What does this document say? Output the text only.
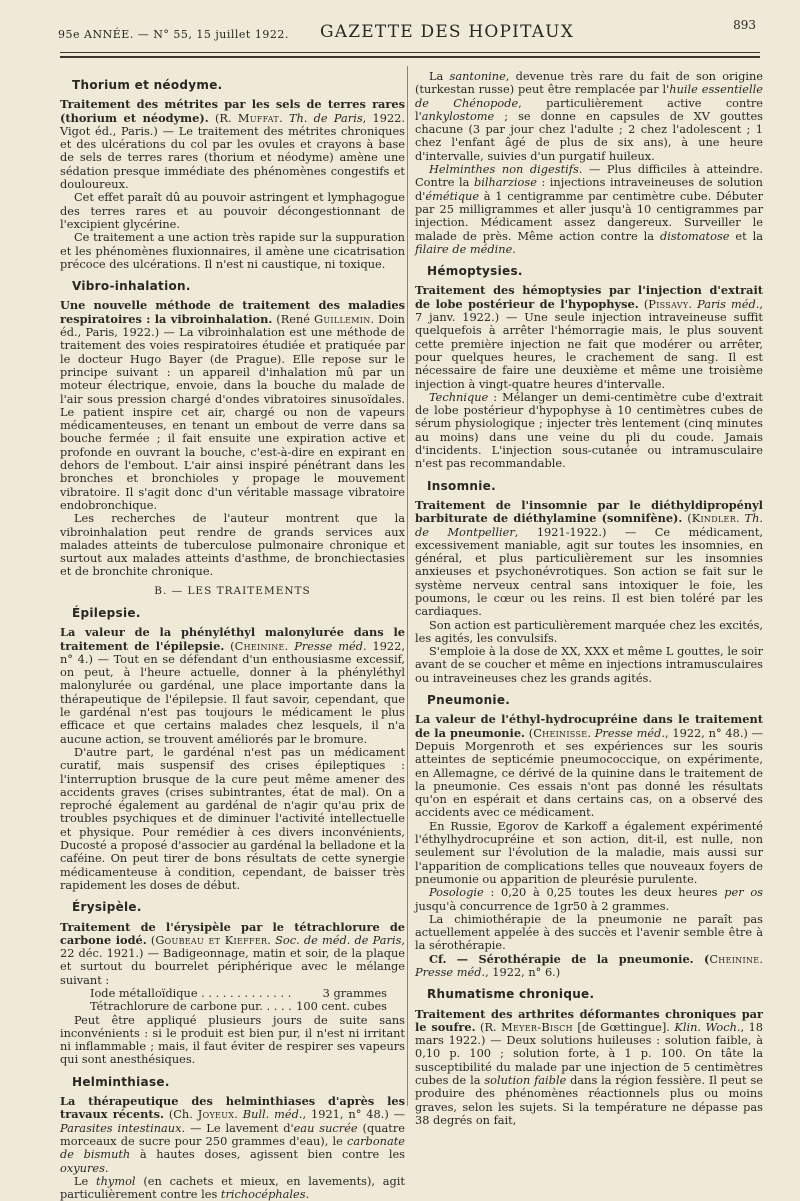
95e ANNÉE. — N° 55, 15 juillet 1922. GAZETTE DES HOPITAUX	893
Thorium et néodyme.

Traitement des métrites par les sels de terres rares (thorium et néodyme). (R. Muffat. Th. de Paris, 1922. Vigot éd., Paris.) — Le traitement des métrites chroniques et des ulcérations du col par les ovules et crayons à base de sels de terres rares (thorium et néodyme) amène une sédation presque immédiate des phénomènes congestifs et douloureux.

Cet effet paraît dû au pouvoir astringent et lymphagogue des terres rares et au pouvoir décongestionnant de l'excipient glycérine.

Ce traitement a une action très rapide sur la suppuration et les phénomènes fluxionnaires, il amène une cicatrisation précoce des ulcérations. Il n'est ni caustique, ni toxique.

Vibro-inhalation.

Une nouvelle méthode de traitement des maladies respiratoires : la vibroinhalation. (René Guillemin. Doin éd., Paris, 1922.) — La vibroinhalation est une méthode de traitement des voies respiratoires étudiée et pratiquée par le docteur Hugo Bayer (de Prague). Elle repose sur le principe suivant : un appareil d'inhalation mû par un moteur électrique, envoie, dans la bouche du malade de l'air sous pression chargé d'ondes vibratoires sinusoïdales. Le patient inspire cet air, chargé ou non de vapeurs médicamenteuses, en tenant un embout de verre dans sa bouche fermée ; il fait ensuite une expiration active et profonde en ouvrant la bouche, c'est-à-dire en expirant en dehors de l'embout. L'air ainsi inspiré pénétrant dans les bronches et bronchioles y propage le mouvement vibratoire. Il s'agit donc d'un véritable massage vibratoire endobronchique.

Les recherches de l'auteur montrent que la vibroinhalation peut rendre de grands services aux malades atteints de tuberculose pulmonaire chronique et surtout aux malades atteints d'asthme, de bronchiectasies et de bronchite chronique.

B. — LES TRAITEMENTS

Épilepsie.

La valeur de la phényléthyl malonylurée dans le traitement de l'épilepsie. (Cheinine. Presse méd. 1922, n° 4.) — Tout en se défendant d'un enthousiasme excessif, on peut, à l'heure actuelle, donner à la phényléthyl malonylurée ou gardénal, une place importante dans la thérapeutique de l'épilepsie. Il faut savoir, cependant, que le gardénal n'est pas toujours le médicament le plus efficace et que certains malades chez lesquels, il n'a aucune action, se trouvent améliorés par le bromure.

D'autre part, le gardénal n'est pas un médicament curatif, mais suspensif des crises épileptiques : l'interruption brusque de la cure peut même amener des accidents graves (crises subintrantes, état de mal). On a reproché également au gardénal de n'agir qu'au prix de troubles psychiques et de diminuer l'activité intellectuelle et physique. Pour remédier à ces divers inconvénients, Ducosté a proposé d'associer au gardénal la belladone et la caféine. On peut tirer de bons résultats de cette synergie médicamenteuse à condition, cependant, de baisser très rapidement les doses de début.

Érysipèle.

Traitement de l'érysipèle par le tétrachlorure de carbone iodé. (Goubeau et Kieffer. Soc. de méd. de Paris, 22 déc. 1921.) — Badigeonnage, matin et soir, de la plaque et surtout du bourrelet périphérique avec le mélange suivant :

Iode métalloïdique . . . . . . . . . . . . .	3 grammes
Tétrachlorure de carbone pur. . . . . 100 cent. cubes

Peut être appliqué plusieurs jours de suite sans inconvénients : si le produit est bien pur, il n'est ni irritant ni inflammable ; mais, il faut éviter de respirer ses vapeurs qui sont anesthésiques.

Helminthiase.

La thérapeutique des helminthiases d'après les travaux récents. (Ch. Joyeux. Bull. méd., 1921, n° 48.) — Parasites intestinaux. — Le lavement d'eau sucrée (quatre morceaux de sucre pour 250 grammes d'eau), le carbonate de bismuth à hautes doses, agissent bien contre les oxyures.

Le thymol (en cachets et mieux, en lavements), agit particulièrement contre les trichocéphales.

La santonine, devenue très rare du fait de son origine (turkestan russe) peut être remplacée par l'huile essentielle de Chénopode, particulièrement active contre l'ankylostome ; se donne en capsules de XV gouttes chacune (3 par jour chez l'adulte ; 2 chez l'adolescent ; 1 chez l'enfant âgé de plus de six ans), à une heure d'intervalle, suivies d'un purgatif huileux.

Helminthes non digestifs. — Plus difficiles à atteindre. Contre la bilharziose : injections intraveineuses de solution d'émétique à 1 centigramme par centimètre cube. Débuter par 25 milligrammes et aller jusqu'à 10 centigrammes par injection. Médicament assez dangereux. Surveiller le malade de près. Même action contre la distomatose et la filaire de médine.

Hémoptysies.

Traitement des hémoptysies par l'injection d'extrait de lobe postérieur de l'hypophyse. (Pissavy. Paris méd., 7 janv. 1922.) — Une seule injection intraveineuse suffit quelquefois à arrêter l'hémorragie mais, le plus souvent cette première injection ne fait que modérer ou arrêter, pour quelques heures, le crachement de sang. Il est nécessaire de faire une deuxième et même une troisième injection à vingt-quatre heures d'intervalle.

Technique : Mélanger un demi-centimètre cube d'extrait de lobe postérieur d'hypophyse à 10 centimètres cubes de sérum physiologique ; injecter très lentement (cinq minutes au moins) dans une veine du pli du coude. Jamais d'incidents. L'injection sous-cutanée ou intramusculaire n'est pas recommandable.

Insomnie.

Traitement de l'insomnie par le diéthyldipropényl barbiturate de diéthylamine (somnifène). (Kindler. Th. de Montpellier, 1921-1922.) — Ce médicament, excessivement maniable, agit sur toutes les insomnies, en général, et plus particulièrement sur les insomnies anxieuses et psychonévrotiques. Son action se fait sur le système nerveux central sans intoxiquer le foie, les poumons, le cœur ou les reins. Il est bien toléré par les cardiaques.

Son action est particulièrement marquée chez les excités, les agités, les convulsifs.

S'emploie à la dose de XX, XXX et même L gouttes, le soir avant de se coucher et même en injections intramusculaires ou intraveineuses chez les grands agités.

Pneumonie.

La valeur de l'éthyl-hydrocupréine dans le traitement de la pneumonie. (Cheinisse. Presse méd., 1922, n° 48.) — Depuis Morgenroth et ses expériences sur les souris atteintes de septicémie pneumococcique, on expérimente, en Allemagne, ce dérivé de la quinine dans le traitement de la pneumonie. Ces essais n'ont pas donné les résultats qu'on en espérait et dans certains cas, on a observé des accidents avec ce médicament.

En Russie, Egorov de Karkoff a également expérimenté l'éthylhydrocupréine et son action, dit-il, est nulle, non seulement sur l'évolution de la maladie, mais aussi sur l'apparition de complications telles que nouveaux foyers de pneumonie ou apparition de pleurésie purulente.

Posologie : 0,20 à 0,25 toutes les deux heures per os jusqu'à concurrence de 1gr50 à 2 grammes.

La chimiothérapie de la pneumonie ne paraît pas actuellement appelée à des succès et l'avenir semble être à la sérothérapie.

Cf. — Sérothérapie de la pneumonie. (Cheinine. Presse méd., 1922, n° 6.)

Rhumatisme chronique.

Traitement des arthrites déformantes chroniques par le soufre. (R. Meyer-Bisch [de Gœttingue]. Klin. Woch., 18 mars 1922.) — Deux solutions huileuses : solution faible, à 0,10 p. 100 ; solution forte, à 1 p. 100. On tâte la susceptibilité du malade par une injection de 5 centimètres cubes de la solution faible dans la région fessière. Il peut se produire des phénomènes réactionnels plus ou moins graves, selon les sujets. Si la température ne dépasse pas 38 degrés on fait,
